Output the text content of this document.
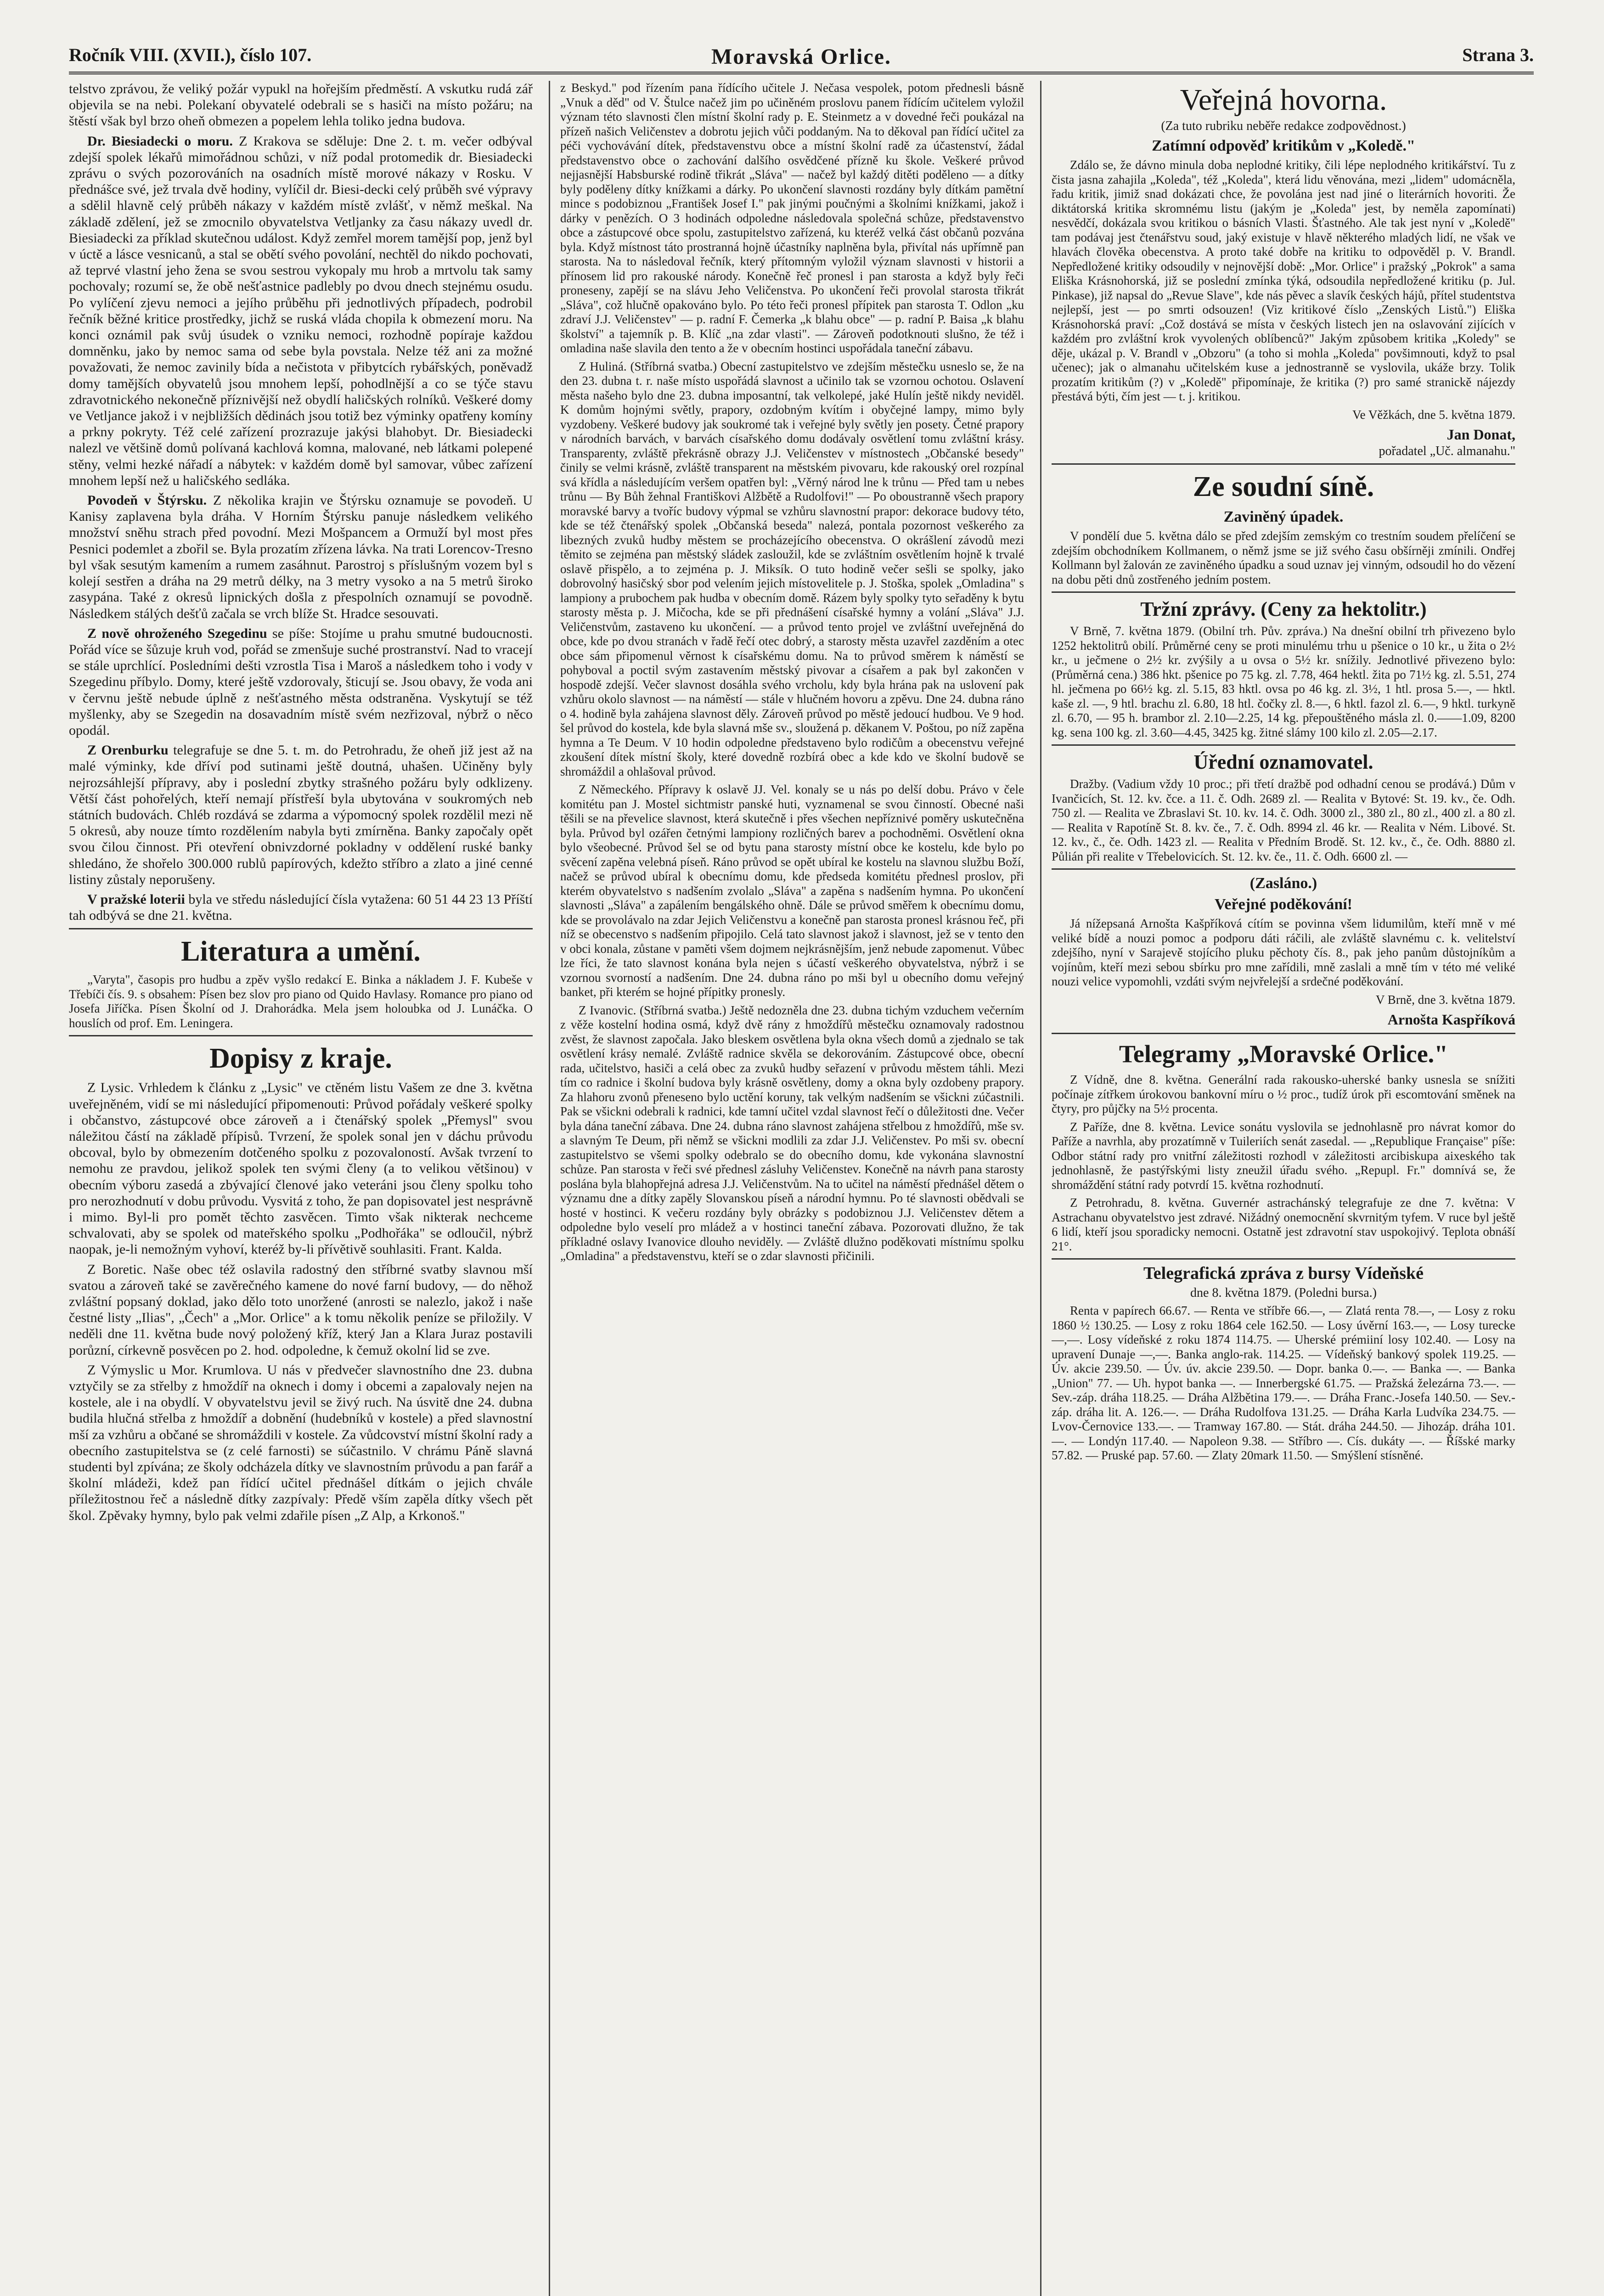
Ročník VIII. (XVII.), číslo 107.	Moravská Orlice.	Strana 3.

telstvo zprávou, že veliký požár vypukl na hořejším předměstí. A vskutku rudá zář objevila se na nebi. Polekaní obyvatelé odebrali se s hasiči na místo požáru; na štěstí však byl brzo oheň obmezen a popelem lehla toliko jedna budova.

Dr. Biesiadecki o moru. Z Krakova se sděluje: Dne 2. t. m. večer odbýval zdejší spolek lékařů mimořádnou schůzi, v níž podal protomedik dr. Biesiadecki zprávu o svých pozorováních na osadních místě morové nákazy v Rosku. V přednášce své, jež trvala dvě hodiny, vylíčil dr. Biesi-decki celý průběh své výpravy a sdělil hlavně celý průběh nákazy v každém místě zvlášť, v němž meškal. Na základě zdělení, jež se zmocnilo obyvatelstva Vetljanky za času nákazy uvedl dr. Biesiadecki za příklad skutečnou událost. Když zemřel morem tamější pop, jenž byl v úctě a lásce vesnicanů, a stal se obětí svého povolání, nechtěl do nikdo pochovati, až teprvé vlastní jeho žena se svou sestrou vykopaly mu hrob a mrtvolu tak samy pochovaly; rozumí se, že obě nešťastnice padlebly po dvou dnech stejnému osudu. Po vylíčení zjevu nemoci a jejího průběhu při jednotlivých případech, podrobil řečník běžné kritice prostředky, jichž se ruská vláda chopila k obmezení moru. Na konci oznámil pak svůj úsudek o vzniku nemoci, rozhodně popíraje každou domněnku, jako by nemoc sama od sebe byla povstala. Nelze též ani za možné považovati, že nemoc zavinily bída a nečistota v přibytcích rybářských, poněvadž domy tamějších obyvatelů jsou mnohem lepší, pohodlnější a co se týče stavu zdravotnického nekonečně příznivější než obydlí haličských rolníků. Veškeré domy ve Vetljance jakož i v nejbližších dědinách jsou totiž bez výminky opatřeny komíny a prkny pokryty. Též celé zařízení prozrazuje jakýsi blahobyt. Dr. Biesiadecki nalezl ve většině domů polívaná kachlová komna, malované, neb látkami polepené stěny, velmi hezké nářadí a nábytek: v každém domě byl samovar, vůbec zařízení mnohem lepší než u haličského sedláka.

Povodeň v Štýrsku. Z několika krajin ve Štýrsku oznamuje se povodeň. U Kanisy zaplavena byla dráha. V Horním Štýrsku panuje následkem velikého množství sněhu strach před povodní. Mezi Mošpancem a Ormuží byl most přes Pesnici podemlet a zbořil se. Byla prozatím zřízena lávka. Na trati Lorencov-Tresno byl však sesutým kamením a rumem zasáhnut. Parostroj s příslušným vozem byl s kolejí sestřen a dráha na 29 metrů délky, na 3 metry vysoko a na 5 metrů široko zasypána. Také z okresů lipnických došla z přespolních oznamují se povodně. Následkem stálých dešťů začala se vrch blíže St. Hradce sesouvati.

Z nově ohroženého Szegedinu se píše: Stojíme u prahu smutné budoucnosti. Pořád více se šůzuje kruh vod, pořád se zmenšuje suché prostranství. Nad to vracejí se stále uprchlící. Posledními dešti vzrostla Tisa i Maroš a následkem toho i vody v Szegedinu příbylo. Domy, které ještě vzdorovaly, šticují se. Jsou obavy, že voda ani v červnu ještě nebude úplně z nešťastného města odstraněna. Vyskytují se též myšlenky, aby se Szegedin na dosavadním místě svém nezřizoval, nýbrž o něco opodál.

Z Orenburku telegrafuje se dne 5. t. m. do Petrohradu, že oheň již jest až na malé výminky, kde dříví pod sutinami ještě doutná, uhašen. Učiněny byly nejrozsáhlejší přípravy, aby i poslední zbytky strašného požáru byly odklizeny. Větší část pohořelých, kteří nemají přístřeší byla ubytována v soukromých neb státních budovách. Chléb rozdává se zdarma a výpomocný spolek rozdělil mezi ně 5 okresů, aby nouze tímto rozdělením nabyla byti zmírněna. Banky započaly opět svou čilou činnost. Při otevření obnivzdorné pokladny v oddělení ruské banky shledáno, že shořelo 300.000 rublů papírových, kdežto stříbro a zlato a jiné cenné listiny zůstaly neporušeny.

V pražské loterii byla ve středu následující čísla vytažena: 60 51 44 23 13 Příští tah odbývá se dne 21. května.

Literatura a umění.

„Varyta", časopis pro hudbu a zpěv vyšlo redakcí E. Binka a nákladem J. F. Kubeše v Třebíči čís. 9. s obsahem: Písen bez slov pro piano od Quido Havlasy. Romance pro piano od Josefa Jiříčka. Písen Školní od J. Drahorádka. Mela jsem holoubka od J. Lunáčka. O houslích od prof. Em. Leningera.

Dopisy z kraje.

Z Lysic. Vrhledem k článku z „Lysic" ve ctěném listu Vašem ze dne 3. května uveřejněném, vidí se mi následující připomenouti: Průvod pořádaly veškeré spolky i občanstvo, zástupcové obce zároveň a i čtenářský spolek „Přemysl" svou náležitou částí na základě přípisů. Tvrzení, že spolek sonal jen v dáchu průvodu obcoval, bylo by obmezením dotčeného spolku z pozovaloností. Avšak tvrzení to nemohu ze pravdou, jelikož spolek ten svými členy (a to velikou většinou) v obecním výboru zasedá a zbývající členové jako veteráni jsou členy spolku toho pro nerozhodnutí v dobu průvodu. Vysvitá z toho, že pan dopisovatel jest nesprávně i mimo. Byl-li pro pomět těchto zasvěcen. Timto však nikterak nechceme schvalovati, aby se spolek od mateřského spolku „Podhořáka" se odloučil, nýbrž naopak, je-li nemožným vyhoví, kteréž by-li přívětivě souhlasiti. Frant. Kalda.

Z Boretic. Naše obec též oslavila radostný den stříbrné svatby slavnou mší svatou a zároveň také se zavěrečného kamene do nové farní budovy, — do něhož zvláštní popsaný doklad, jako dělo toto unoržené (anrosti se nalezlo, jakož i naše čestné listy „Ilias", „Čech" a „Mor. Orlice" a k tomu několik peníze se přiložily. V neděli dne 11. května bude nový položený kříž, který Jan a Klara Juraz postavili porůzní, církevně posvěcen po 2. hod. odpoledne, k čemuž okolní lid se zve.

Z Výmyslic u Mor. Krumlova. U nás v předvečer slavnostního dne 23. dubna vztyčily se za střelby z hmoždíř na oknech i domy i obcemi a zapalovaly nejen na kostele, ale i na obydlí. V obyvatelstvu jevil se živý ruch. Na úsvitě dne 24. dubna budila hlučná střelba z hmoždíř a dobnění (hudebníků v kostele) a před slavnostní mší za vzhůru a občané se shromáždili v kostele. Za vůdcovství místní školní rady a obecního zastupitelstva se (z celé farnosti) se súčastnilo. V chrámu Páně slavná studenti byl zpívána; ze školy odcházela dítky ve slavnostním průvodu a pan farář a školní mládeži, kdež pan řídící učitel přednášel dítkám o jejich chvále příležitostnou řeč a následně dítky zazpívaly: Předě vším zapěla dítky všech pět škol. Zpěvaky hymny, bylo pak velmi zdařile písen „Z Alp, a Krkonoš."

z Beskyd." pod řízením pana řídícího učitele J. Nečasa vespolek, potom přednesli básně „Vnuk a děd" od V. Štulce načež jim po učiněném proslovu panem řídícím učitelem vyložil význam této slavnosti člen místní školní rady p. E. Steinmetz a v dovedné řeči poukázal na přízeň našich Veličenstev a dobrotu jejich vůči poddaným. Na to děkoval pan řídící učitel za péči vychovávání dítek, představenstvu obce a místní školní radě za účastenství, žádal představenstvo obce o zachování dalšího osvědčené přízně ku škole. Veškeré průvod nejjasnější Habsburské rodině třikrát „Sláva" — načež byl každý ditěti poděleno — a dítky byly poděleny dítky knížkami a dárky. Po ukončení slavnosti rozdány byly dítkám pamětní mince s podobiznou „František Josef I." pak jinými poučnými a školními knížkami, jakož i dárky v penězích. O 3 hodinách odpoledne následovala společná schůze, představenstvo obce a zástupcové obce spolu, zastupitelstvo zařízená, ku kteréž velká část občanů pozvána byla. Když místnost táto prostranná hojně účastníky naplněna byla, přivítal nás upřímně pan starosta. Na to následoval řečník, který přítomným vyložil význam slavnosti v historii a přínosem lid pro rakouské národy. Konečně řeč pronesl i pan starosta a když byly řeči proneseny, zapějí se na slávu Jeho Veličenstva. Po ukončení řeči provolal starosta třikrát „Sláva", což hlučně opakováno bylo. Po této řeči pronesl přípitek pan starosta T. Odlon „ku zdraví J.J. Veličenstev" — p. radní F. Čemerka „k blahu obce" — p. radní P. Baisa „k blahu školství" a tajemník p. B. Klíč „na zdar vlasti". — Zároveň podotknouti slušno, že též i omladina naše slavila den tento a že v obecním hostinci uspořádala taneční zábavu.

Z Huliná. (Stříbrná svatba.) Obecní zastupitelstvo ve zdejším městečku usneslo se, že na den 23. dubna t. r. naše místo uspořádá slavnost a učinilo tak se vzornou ochotou. Oslavení města našeho bylo dne 23. dubna imposantní, tak velkolepé, jaké Hulín ještě nikdy neviděl. K domům hojnými světly, prapory, ozdobným kvítím i obyčejné lampy, mimo byly vyzdobeny. Veškeré budovy jak soukromé tak i veřejné byly světly jen posety. Četné prapory v národních barvách, v barvách císařského domu dodávaly osvětlení tomu zvláštní krásy. Transparenty, zvláště překrásně obrazy J.J. Veličenstev v místnostech „Občanské besedy" činily se velmi krásně, zvláště transparent na městském pivovaru, kde rakouský orel rozpínal svá křídla a následujícím veršem opatřen byl: „Věrný národ lne k trůnu — Před tam u nebes trůnu — By Bůh žehnal Františkovi Alžbětě a Rudolfovi!" — Po oboustranně všech prapory moravské barvy a tvoříc budovy výpmal se vzhůru slavnostní prapor: dekorace budovy této, kde se též čtenářský spolek „Občanská beseda" nalezá, pontala pozornost veškerého za libezných zvuků hudby městem se procházejícího obecenstva. O okrášlení závodů mezi těmito se zejména pan městský sládek zasloužil, kde se zvláštním osvětlením hojně k trvalé oslavě přispělo, a to zejména p. J. Miksík. O tuto hodině večer sešli se spolky, jako dobrovolný hasičský sbor pod velením jejich místovelitele p. J. Stoška, spolek „Omladina" s lampiony a prubochem pak hudba v obecním domě. Rázem byly spolky tyto seřaděny k bytu starosty města p. J. Mičocha, kde se při přednášení císařské hymny a volání „Sláva" J.J. Veličenstvům, zastaveno ku ukončení. — a průvod tento projel ve zvláštní uveřejněná do obce, kde po dvou stranách v řadě řečí otec dobrý, a starosty města uzavřel zazděním a otec obce sám připomenul věrnost k císařskému domu. Na to průvod směrem k náměstí se pohyboval a poctil svým zastavením městský pivovar a císařem a pak byl zakončen v hospodě zdejší. Večer slavnost dosáhla svého vrcholu, kdy byla hrána pak na uslovení pak vzhůru okolo slavnost — na náměstí — stále v hlučném hovoru a zpěvu. Dne 24. dubna ráno o 4. hodině byla zahájena slavnost děly. Zároveň průvod po městě jedoucí hudbou. Ve 9 hod. šel průvod do kostela, kde byla slavná mše sv., sloužená p. děkanem V. Poštou, po níž zapěna hymna a Te Deum. V 10 hodin odpoledne představeno bylo rodičům a obecenstvu veřejné zkoušení dítek místní školy, které dovedně rozbírá obec a kde kdo ve školní budově se shromáždil a ohlašoval průvod.

Z Německého. Přípravy k oslavě JJ. Vel. konaly se u nás po delší dobu. Právo v čele komitétu pan J. Mostel sichtmistr panské huti, vyznamenal se svou činností. Obecné naši těšili se na převelice slavnost, která skutečně i přes všechen nepříznivé poměry uskutečněna byla. Průvod byl ozářen četnými lampiony rozličných barev a pochodněmi. Osvětlení okna bylo všeobecné. Průvod šel se od bytu pana starosty místní obce ke kostelu, kde bylo po svěcení zapěna velebná píseň. Ráno průvod se opět ubíral ke kostelu na slavnou službu Boží, načež se průvod ubíral k obecnímu domu, kde předseda komitétu přednesl proslov, při kterém obyvatelstvo s nadšením zvolalo „Sláva" a zapěna s nadšením hymna. Po ukončení slavnosti „Sláva" a zapálením bengálského ohně. Dále se průvod směřem k obecnímu domu, kde se provolávalo na zdar Jejich Veličenstvu a konečně pan starosta pronesl krásnou řeč, při níž se obecenstvo s nadšením připojilo. Celá tato slavnost jakož i slavnost, jež se v tento den v obci konala, zůstane v paměti všem dojmem nejkrásnějším, jenž nebude zapomenut. Vůbec lze říci, že tato slavnost konána byla nejen s účastí veškerého obyvatelstva, nýbrž i se vzornou svorností a nadšením. Dne 24. dubna ráno po mši byl u obecního domu veřejný banket, při kterém se hojné přípitky pronesly.

Z Ivanovic. (Stříbrná svatba.) Ještě nedozněla dne 23. dubna tichým vzduchem večerním z věže kostelní hodina osmá, když dvě rány z hmoždířů městečku oznamovaly radostnou zvěst, že slavnost započala. Jako bleskem osvětlena byla okna všech domů a zjednalo se tak osvětlení krásy nemalé. Zvláště radnice skvěla se dekorováním. Zástupcové obce, obecní rada, učitelstvo, hasiči a celá obec za zvuků hudby seřazení v průvodu městem táhli. Mezi tím co radnice i školní budova byly krásně osvětleny, domy a okna byly ozdobeny prapory. Za hlahoru zvonů přeneseno bylo uctění koruny, tak velkým nadšením se všickni zúčastnili. Pak se všickni odebrali k radnici, kde tamní učitel vzdal slavnost řečí o důležitosti dne. Večer byla dána taneční zábava. Dne 24. dubna ráno slavnost zahájena střelbou z hmoždířů, mše sv. a slavným Te Deum, při němž se všickni modlili za zdar J.J. Veličenstev. Po mši sv. obecní zastupitelstvo se všemi spolky odebralo se do obecního domu, kde vykonána slavnostní schůze. Pan starosta v řeči své přednesl zásluhy Veličenstev. Konečně na návrh pana starosty poslána byla blahopřejná adresa J.J. Veličenstvům. Na to učitel na náměstí přednášel dětem o významu dne a dítky zapěly Slovanskou píseň a národní hymnu. Po té slavnosti obědvali se hosté v hostinci. K večeru rozdány byly obrázky s podobiznou J.J. Veličenstev dětem a odpoledne bylo veselí pro mládež a v hostinci taneční zábava. Pozorovati dlužno, že tak příkladné oslavy Ivanovice dlouho neviděly. — Zvláště dlužno poděkovati místnímu spolku „Omladina" a představenstvu, kteří se o zdar slavnosti přičinili.

Veřejná hovorna.
(Za tuto rubriku neběře redakce zodpovědnost.)
Zatímní odpověď kritikům v „Koledě."

Zdálo se, že dávno minula doba neplodné kritiky, čili lépe neplodného kritikářství. Tu z čista jasna zahajila „Koleda", též „Koleda", která lidu věnována, mezi „lidem" udomácněla, řadu kritik, jimiž snad dokázati chce, že povolána jest nad jiné o literárních hovoriti. Že diktátorská kritika skromnému listu (jakým je „Koleda" jest, by neměla zapomínati) nesvědčí, dokázala svou kritikou o básních Vlasti. Šťastného. Ale tak jest nyní v „Koledě" tam podávaj jest čtenářstvu soud, jaký existuje v hlavě některého mladých lidí, ne však ve hlavách člověka obecenstva. A proto také dobře na kritiku to odpověděl p. V. Brandl. Nepředložené kritiky odsoudily v nejnovější době: „Mor. Orlice" i pražský „Pokrok" a sama Eliška Krásnohorská, již se poslední zmínka týká, odsoudila nepředložené kritiku (p. Jul. Pinkase), již napsal do „Revue Slave", kde nás pěvec a slavík českých hájů, přítel studentstva nejlepší, jest — po smrti odsouzen! (Viz kritikové číslo „Zenských Listů.") Eliška Krásnohorská praví: „Což dostává se místa v českých listech jen na oslavování zijících v každém pro zvláštní krok vyvolených oblíbenců?" Jakým způsobem kritika „Koledy" se děje, ukázal p. V. Brandl v „Obzoru" (a toho si mohla „Koleda" povšimnouti, když to psal učenec); jak o almanahu učitelském kuse a jednostranně se vyslovila, ukáže brzy. Tolik prozatím kritikům (?) v „Koledě" připomínaje, že kritika (?) pro samé stranickě nájezdy přestává býti, čím jest — t. j. kritikou.

Ve Věžkách, dne 5. května 1879.

Jan Donat,
pořadatel „Uč. almanahu."
Ze soudní síně.
Zaviněný úpadek.

V pondělí due 5. května dálo se před zdejším zemským co trestním soudem přelíčení se zdejším obchodníkem Kollmanem, o němž jsme se již svého času obšírněji zmínili. Ondřej Kollmann byl žalován ze zaviněného úpadku a soud uznav jej vinným, odsoudil ho do vězení na dobu pěti dnů zostřeného jedním postem.

Tržní zprávy. (Ceny za hektolitr.)

V Brně, 7. května 1879. (Obilní trh. Pův. zpráva.) Na dnešní obilní trh přivezeno bylo 1252 hektolitrů obilí. Průměrné ceny se proti minulému trhu u pšenice o 10 kr., u žita o 2½ kr., u ječmene o 2½ kr. zvýšily a u ovsa o 5½ kr. snížily. Jednotlivé přivezeno bylo: (Průměrná cena.) 386 hkt. pšenice po 75 kg. zl. 7.78, 464 hektl. žita po 71½ kg. zl. 5.51, 274 hl. ječmena po 66½ kg. zl. 5.15, 83 hktl. ovsa po 46 kg. zl. 3½, 1 htl. prosa 5.—, — hktl. kaše zl. —, 9 htl. brachu zl. 6.80, 18 htl. čočky zl. 8.—, 6 hktl. fazol zl. 6.—, 9 hktl. turkyně zl. 6.70, — 95 h. brambor zl. 2.10—2.25, 14 kg. přepouštěného másla zl. 0.——1.09, 8200 kg. sena 100 kg. zl. 3.60—4.45, 3425 kg. žitné slámy 100 kilo zl. 2.05—2.17.

Úřední oznamovatel.

Dražby. (Vadium vždy 10 proc.; při třetí dražbě pod odhadní cenou se prodává.) Dům v Ivančicích, St. 12. kv. čce. a 11. č. Odh. 2689 zl. — Realita v Bytové: St. 19. kv., če. Odh. 750 zl. — Realita ve Zbraslavi St. 10. kv. 14. č. Odh. 3000 zl., 380 zl., 80 zl., 400 zl. a 80 zl. — Realita v Rapotíně St. 8. kv. če., 7. č. Odh. 8994 zl. 46 kr. — Realita v Ném. Libové. St. 12. kv., č., če. Odh. 1423 zl. — Realita v Předním Brodě. St. 12. kv., č., če. Odh. 8880 zl. Půlián při realite v Třebelovicích. St. 12. kv. če., 11. č. Odh. 6600 zl. —

(Zasláno.)
Veřejné poděkování!

Já nížepsaná Arnošta Kašpříková cítím se povinna všem lidumilům, kteří mně v mé veliké bídě a nouzi pomoc a podporu dáti ráčili, ale zvláště slavnému c. k. velitelství zdejšího, nyní v Sarajevě stojícího pluku pěchoty čís. 8., pak jeho panům důstojníkům a vojínům, kteří mezi sebou sbírku pro mne zařídili, mně zaslali a mně tím v této mé veliké nouzi velice vypomohli, vzdáti svým nejvřelejší a srdečné poděkování.

V Brně, dne 3. května 1879.

Arnošta Kaspříková
Telegramy „Moravské Orlice."

Z Vídně, dne 8. května. Generální rada rakousko-uherské banky usnesla se snížiti počínaje zítřkem úrokovou bankovní míru o ½ proc., tudíž úrok při escomtování směnek na čtyry, pro půjčky na 5½ procenta.

Z Paříže, dne 8. května. Levice sonátu vyslovila se jednohlasně pro návrat komor do Paříže a navrhla, aby prozatímně v Tuileriích senát zasedal. — „Republique Française" píše: Odbor státní rady pro vnitřní záležitosti rozhodl v záležitosti arcibiskupa aixeského tak jednohlasně, že pastýřskými listy zneužil úřadu svého. „Repupl. Fr." domnívá se, že shromáždění státní rady potvrdí 15. května rozhodnutí.

Z Petrohradu, 8. května. Guvernér astrachánský telegrafuje ze dne 7. května: V Astrachanu obyvatelstvo jest zdravé. Nižádný onemocnění skvrnitým tyfem. V ruce byl ještě 6 lidí, kteří jsou sporadicky nemocni. Ostatně jest zdravotní stav uspokojivý. Teplota obnáší 21°.

Telegrafická zpráva z bursy Vídeňské
dne 8. května 1879. (Poledni bursa.)

Renta v papírech 66.67. — Renta ve stříbře 66.—, — Zlatá renta 78.—, — Losy z roku 1860 ½ 130.25. — Losy z roku 1864 cele 162.50. — Losy úvěrní 163.—, — Losy tureckе —,—. Losy vídeňské z roku 1874 114.75. — Uherské prémiiní losy 102.40. — Losy na upravení Dunaje —,—. Banka anglo-rak. 114.25. — Vídeňský bankový spolek 119.25. — Úv. akcie 239.50. — Úv. úv. akcie 239.50. — Dopr. banka 0.—. — Banka —. — Banka „Union" 77. — Uh. hypot banka —. — Innerbergské 61.75. — Pražská železárna 73.—. — Sev.-záp. dráha 118.25. — Dráha Alžbětina 179.—. — Dráha Franc.-Josefa 140.50. — Sev.-záp. dráha lit. A. 126.—. — Dráha Rudolfova 131.25. — Dráha Karla Ludvíka 234.75. — Lvov-Černovice 133.—. — Tramway 167.80. — Stát. dráha 244.50. — Jihozáp. dráha 101.—. — Londýn 117.40. — Napoleon 9.38. — Stříbro —. Cís. dukáty —. — Říšské marky 57.82. — Pruské pap. 57.60. — Zlaty 20mark 11.50. — Smýšlení stísněné.
